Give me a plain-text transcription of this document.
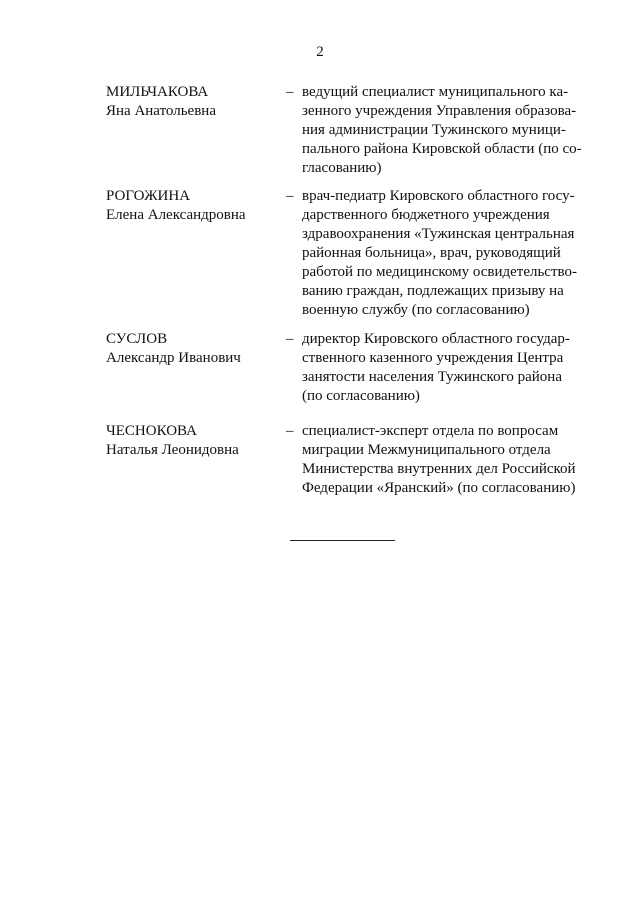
2
МИЛЬЧАКОВА
Яна Анатольевна
– ведущий специалист муниципального ка-
зенного учреждения Управления образова-
ния администрации Тужинского муници-
пального района Кировской области (по со-
гласованию)
РОГОЖИНА
Елена Александровна
– врач-педиатр Кировского областного госу-
дарственного бюджетного учреждения
здравоохранения «Тужинская центральная
районная больница», врач, руководящий
работой по медицинскому освидетельство-
ванию граждан, подлежащих призыву на
военную службу (по согласованию)
СУСЛОВ
Александр Иванович
– директор Кировского областного государ-
ственного казенного учреждения Центра
занятости населения Тужинского района
(по согласованию)
ЧЕСНОКОВА
Наталья Леонидовна
– специалист-эксперт отдела по вопросам
миграции Межмуниципального отдела
Министерства внутренних дел Российской
Федерации «Яранский» (по согласованию)
